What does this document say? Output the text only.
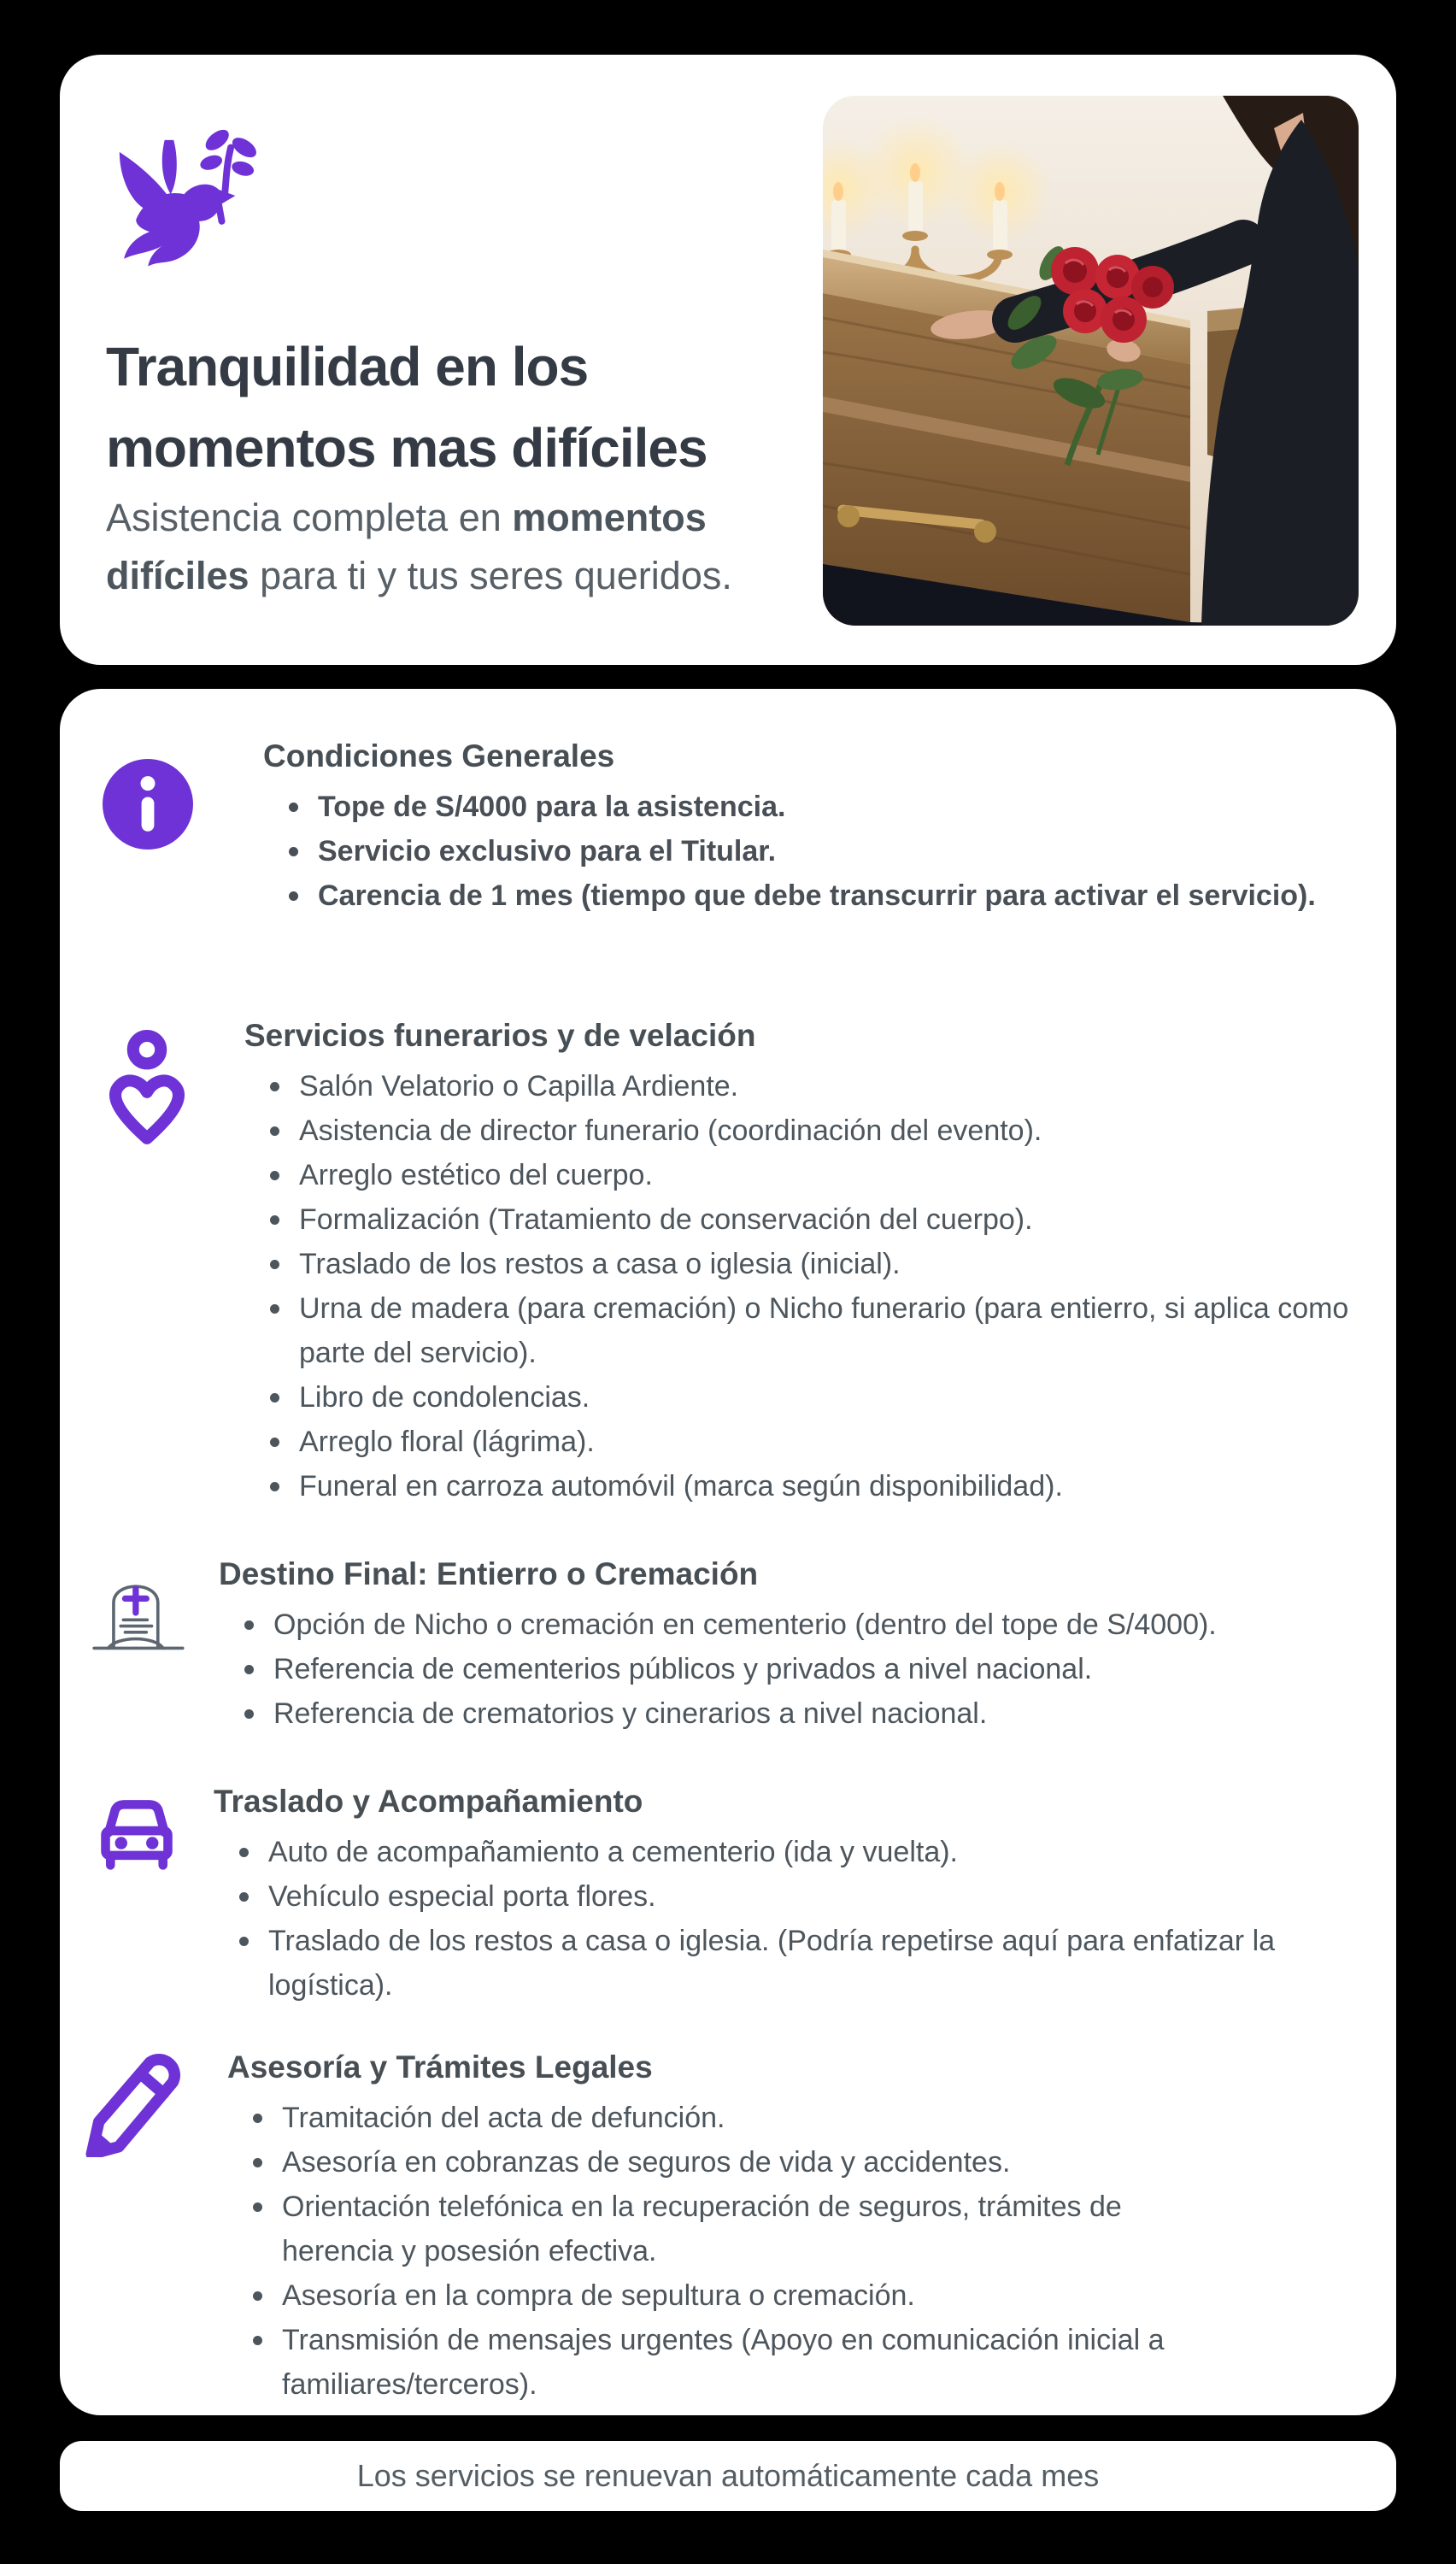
Tranquilidad en los
momentos mas difíciles

Asistencia completa en momentos difíciles para ti y tus seres queridos.

Condiciones Generales
Tope de S/4000 para la asistencia.
Servicio exclusivo para el Titular.
Carencia de 1 mes (tiempo que debe transcurrir para activar el servicio).
Servicios funerarios y de velación
Salón Velatorio o Capilla Ardiente.
Asistencia de director funerario (coordinación del evento).
Arreglo estético del cuerpo.
Formalización (Tratamiento de conservación del cuerpo).
Traslado de los restos a casa o iglesia (inicial).
Urna de madera (para cremación) o Nicho funerario (para entierro, si aplica como parte del servicio).
Libro de condolencias.
Arreglo floral (lágrima).
Funeral en carroza automóvil (marca según disponibilidad).
Destino Final: Entierro o Cremación
Opción de Nicho o cremación en cementerio (dentro del tope de S/4000).
Referencia de cementerios públicos y privados a nivel nacional.
Referencia de crematorios y cinerarios a nivel nacional.
Traslado y Acompañamiento
Auto de acompañamiento a cementerio (ida y vuelta).
Vehículo especial porta flores.
Traslado de los restos a casa o iglesia. (Podría repetirse aquí para enfatizar la logística).
Asesoría y Trámites Legales
Tramitación del acta de defunción.
Asesoría en cobranzas de seguros de vida y accidentes.
Orientación telefónica en la recuperación de seguros, trámites de herencia y posesión efectiva.
Asesoría en la compra de sepultura o cremación.
Transmisión de mensajes urgentes (Apoyo en comunicación inicial a familiares/terceros).
Los servicios se renuevan automáticamente cada mes
